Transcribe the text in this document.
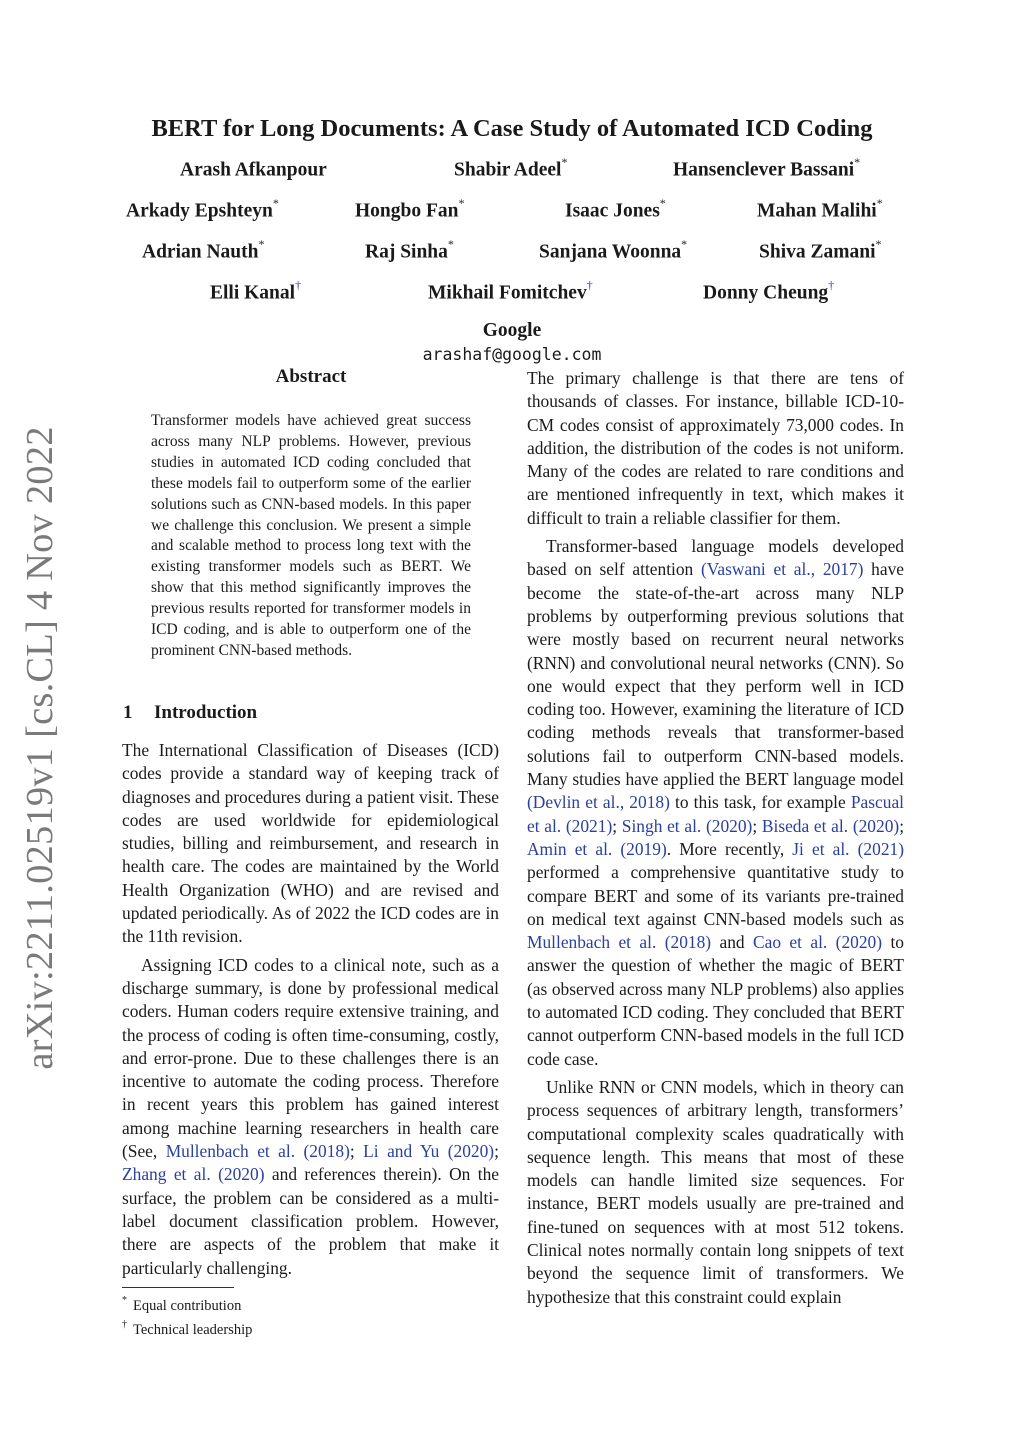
arXiv:2211.02519v1 [cs.CL] 4 Nov 2022
BERT for Long Documents: A Case Study of Automated ICD Coding
Arash Afkanpour	Shabir Adeel*	Hansenclever Bassani*
Arkady Epshteyn*	Hongbo Fan*	Isaac Jones*	Mahan Malihi*
Adrian Nauth*	Raj Sinha*	Sanjana Woonna*	Shiva Zamani*
Elli Kanal†	Mikhail Fomitchev†	Donny Cheung†
Google
arashaf@google.com
Abstract
Transformer models have achieved great success across many NLP problems. However, previous studies in automated ICD coding concluded that these models fail to outperform some of the earlier solutions such as CNN-based models. In this paper we challenge this conclusion. We present a simple and scalable method to process long text with the existing transformer models such as BERT. We show that this method significantly improves the previous results reported for transformer models in ICD coding, and is able to outperform one of the prominent CNN-based methods.
1 Introduction

The International Classification of Diseases (ICD) codes provide a standard way of keeping track of diagnoses and procedures during a patient visit. These codes are used worldwide for epidemiological studies, billing and reimbursement, and research in health care. The codes are maintained by the World Health Organization (WHO) and are revised and updated periodically. As of 2022 the ICD codes are in the 11th revision.

Assigning ICD codes to a clinical note, such as a discharge summary, is done by professional medical coders. Human coders require extensive training, and the process of coding is often time-consuming, costly, and error-prone. Due to these challenges there is an incentive to automate the coding process. Therefore in recent years this problem has gained interest among machine learning researchers in health care (See, Mullenbach et al. (2018); Li and Yu (2020); Zhang et al. (2020) and references therein). On the surface, the problem can be considered as a multi-label document classification problem. However, there are aspects of the problem that make it particularly challenging.

The primary challenge is that there are tens of thousands of classes. For instance, billable ICD-10-CM codes consist of approximately 73,000 codes. In addition, the distribution of the codes is not uniform. Many of the codes are related to rare conditions and are mentioned infrequently in text, which makes it difficult to train a reliable classifier for them.

Transformer-based language models developed based on self attention (Vaswani et al., 2017) have become the state-of-the-art across many NLP problems by outperforming previous solutions that were mostly based on recurrent neural networks (RNN) and convolutional neural networks (CNN). So one would expect that they perform well in ICD coding too. However, examining the literature of ICD coding methods reveals that transformer-based solutions fail to outperform CNN-based models. Many studies have applied the BERT language model (Devlin et al., 2018) to this task, for example Pascual et al. (2021); Singh et al. (2020); Biseda et al. (2020); Amin et al. (2019). More recently, Ji et al. (2021) performed a comprehensive quantitative study to compare BERT and some of its variants pre-trained on medical text against CNN-based models such as Mullenbach et al. (2018) and Cao et al. (2020) to answer the question of whether the magic of BERT (as observed across many NLP problems) also applies to automated ICD coding. They concluded that BERT cannot outperform CNN-based models in the full ICD code case.

Unlike RNN or CNN models, which in theory can process sequences of arbitrary length, transformers’ computational complexity scales quadratically with sequence length. This means that most of these models can handle limited size sequences. For instance, BERT models usually are pre-trained and fine-tuned on sequences with at most 512 tokens. Clinical notes normally contain long snippets of text beyond the sequence limit of transformers. We hypothesize that this constraint could explain

* Equal contribution
† Technical leadership
